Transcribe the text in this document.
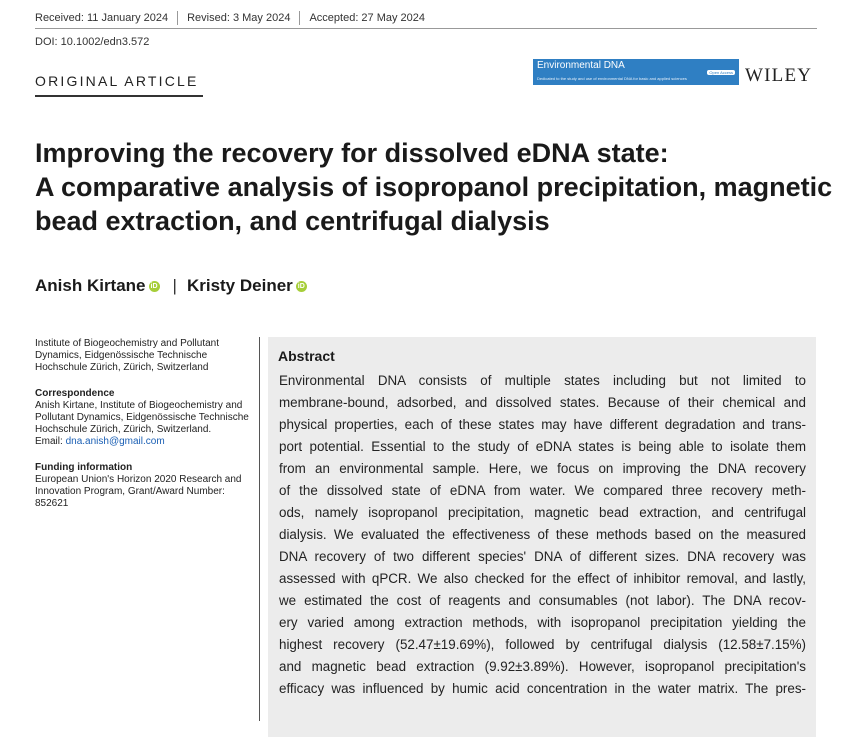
Received: 11 January 2024 Revised: 3 May 2024 Accepted: 27 May 2024
DOI: 10.1002/edn3.572
ORIGINAL ARTICLE
Environmental DNA
Open Access
Dedicated to the study and use of environmental DNA for basic and applied sciences	WILEY
Improving the recovery for dissolved eDNA state:
A comparative analysis of isopropanol precipitation, magnetic
bead extraction, and centrifugal dialysis
Anish Kirtane iD | Kristy Deiner iD
Institute of Biogeochemistry and Pollutant Dynamics, Eidgenössische Technische Hochschule Zürich, Zürich, Switzerland
Correspondence
Anish Kirtane, Institute of Biogeochemistry and Pollutant Dynamics, Eidgenössische Technische Hochschule Zürich, Zürich, Switzerland.
Email: dna.anish@gmail.com
Funding information
European Union's Horizon 2020 Research and Innovation Program, Grant/Award Number: 852621
Abstract
Environmental DNA consists of multiple states including but not limited to
membrane-bound, adsorbed, and dissolved states. Because of their chemical and
physical properties, each of these states may have different degradation and trans-
port potential. Essential to the study of eDNA states is being able to isolate them
from an environmental sample. Here, we focus on improving the DNA recovery
of the dissolved state of eDNA from water. We compared three recovery meth-
ods, namely isopropanol precipitation, magnetic bead extraction, and centrifugal
dialysis. We evaluated the effectiveness of these methods based on the measured
DNA recovery of two different species' DNA of different sizes. DNA recovery was
assessed with qPCR. We also checked for the effect of inhibitor removal, and lastly,
we estimated the cost of reagents and consumables (not labor). The DNA recov-
ery varied among extraction methods, with isopropanol precipitation yielding the
highest recovery (52.47±19.69%), followed by centrifugal dialysis (12.58±7.15%)
and magnetic bead extraction (9.92±3.89%). However, isopropanol precipitation's
efficacy was influenced by humic acid concentration in the water matrix. The pres-
